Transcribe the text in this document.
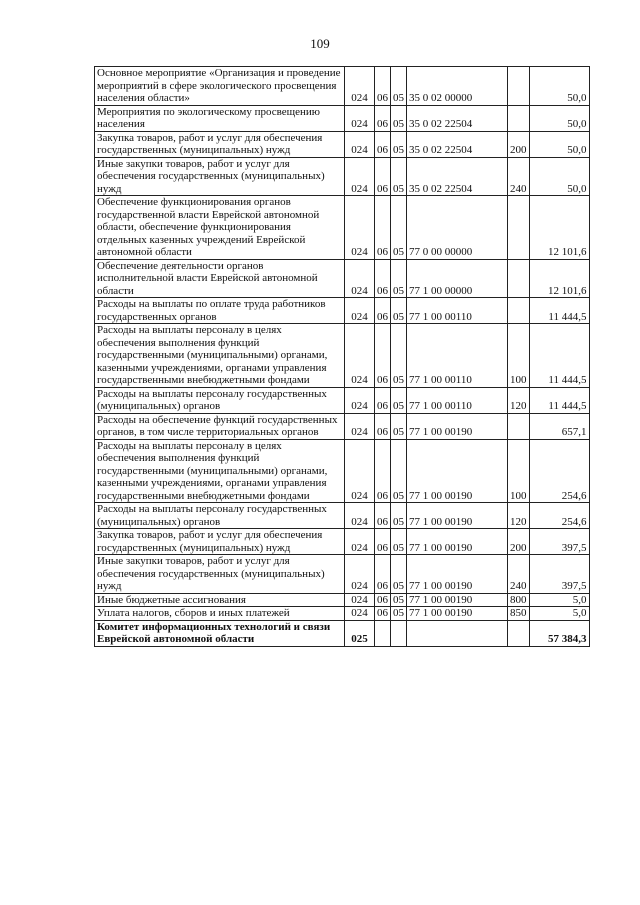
109
Основное мероприятие «Организация и проведение мероприятий в сфере экологического просвещения населения области»	024	06	05	35 0 02 00000		50,0
Мероприятия по экологическому просвещению населения	024	06	05	35 0 02 22504		50,0
Закупка товаров, работ и услуг для обеспечения государственных (муниципальных) нужд	024	06	05	35 0 02 22504	200	50,0
Иные закупки товаров, работ и услуг для обеспечения государственных (муниципальных) нужд	024	06	05	35 0 02 22504	240	50,0
Обеспечение функционирования органов государственной власти Еврейской автономной области, обеспечение функционирования отдельных казенных учреждений Еврейской автономной области	024	06	05	77 0 00 00000		12 101,6
Обеспечение деятельности органов исполнительной власти Еврейской автономной области	024	06	05	77 1 00 00000		12 101,6
Расходы на выплаты по оплате труда работников государственных органов	024	06	05	77 1 00 00110		11 444,5
Расходы на выплаты персоналу в целях обеспечения выполнения функций государственными (муниципальными) органами, казенными учреждениями, органами управления государственными внебюджетными фондами	024	06	05	77 1 00 00110	100	11 444,5
Расходы на выплаты персоналу государственных (муниципальных) органов	024	06	05	77 1 00 00110	120	11 444,5
Расходы на обеспечение функций государственных органов, в том числе территориальных органов	024	06	05	77 1 00 00190		657,1
Расходы на выплаты персоналу в целях обеспечения выполнения функций государственными (муниципальными) органами, казенными учреждениями, органами управления государственными внебюджетными фондами	024	06	05	77 1 00 00190	100	254,6
Расходы на выплаты персоналу государственных (муниципальных) органов	024	06	05	77 1 00 00190	120	254,6
Закупка товаров, работ и услуг для обеспечения государственных (муниципальных) нужд	024	06	05	77 1 00 00190	200	397,5
Иные закупки товаров, работ и услуг для обеспечения государственных (муниципальных) нужд	024	06	05	77 1 00 00190	240	397,5
Иные бюджетные ассигнования	024	06	05	77 1 00 00190	800	5,0
Уплата налогов, сборов и иных платежей	024	06	05	77 1 00 00190	850	5,0
Комитет информационных технологий и связи Еврейской автономной области	025					57 384,3
